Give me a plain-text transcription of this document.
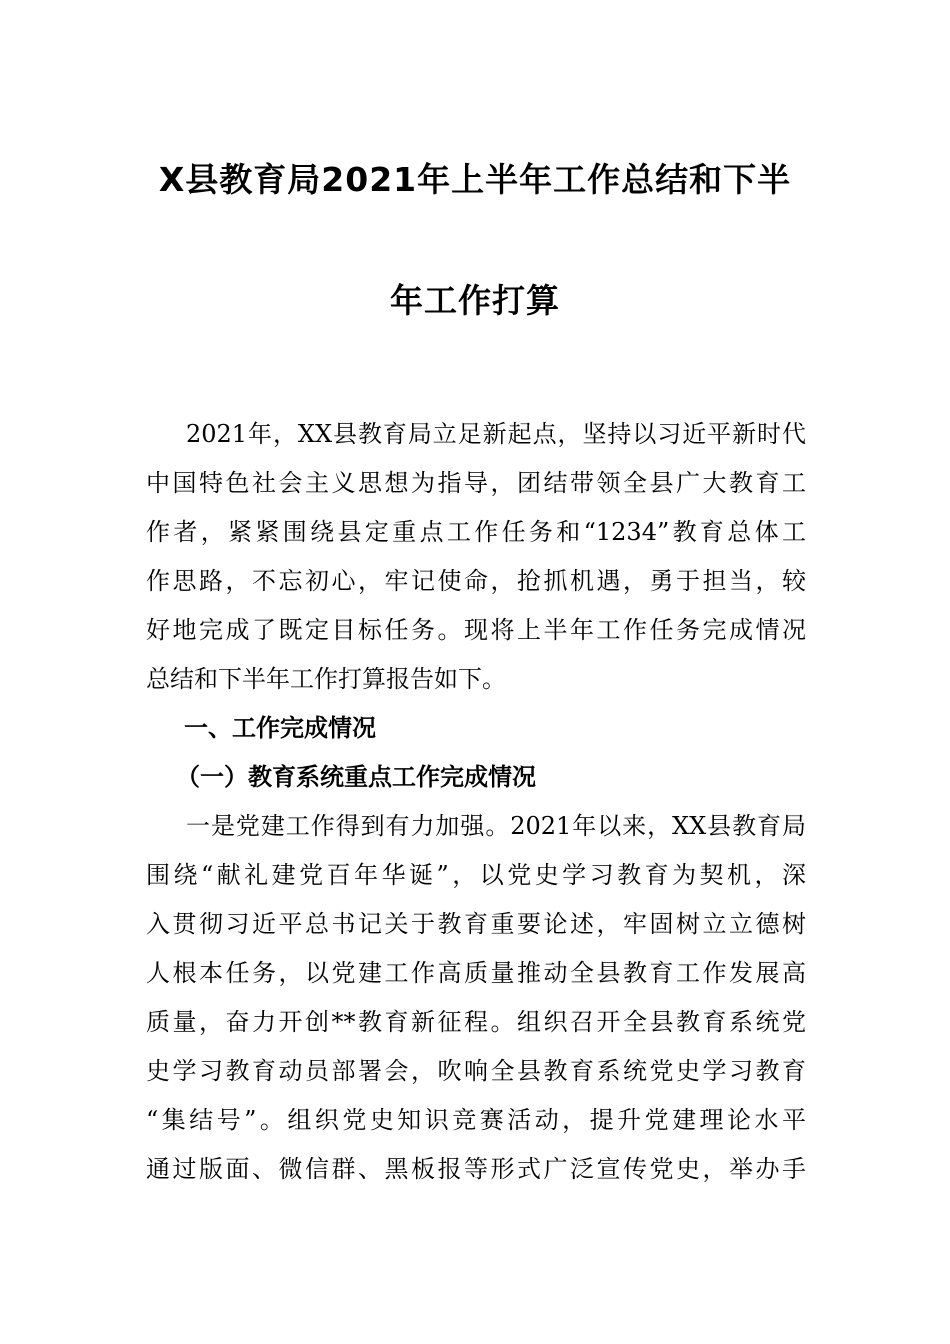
X县教育局2021年上半年工作总结和下半
年工作打算
2021年，XX县教育局立足新起点，坚持以习近平新时代
中国特色社会主义思想为指导，团结带领全县广大教育工
作者，紧紧围绕县定重点工作任务和“1234”教育总体工
作思路，不忘初心，牢记使命，抢抓机遇，勇于担当，较
好地完成了既定目标任务。现将上半年工作任务完成情况
总结和下半年工作打算报告如下。
一、工作完成情况
（一）教育系统重点工作完成情况
一是党建工作得到有力加强。2021年以来，XX县教育局
围绕“献礼建党百年华诞”，以党史学习教育为契机，深
入贯彻习近平总书记关于教育重要论述，牢固树立立德树
人根本任务，以党建工作高质量推动全县教育工作发展高
质量，奋力开创**教育新征程。组织召开全县教育系统党
史学习教育动员部署会，吹响全县教育系统党史学习教育
“集结号”。组织党史知识竞赛活动，提升党建理论水平
通过版面、微信群、黑板报等形式广泛宣传党史，举办手
